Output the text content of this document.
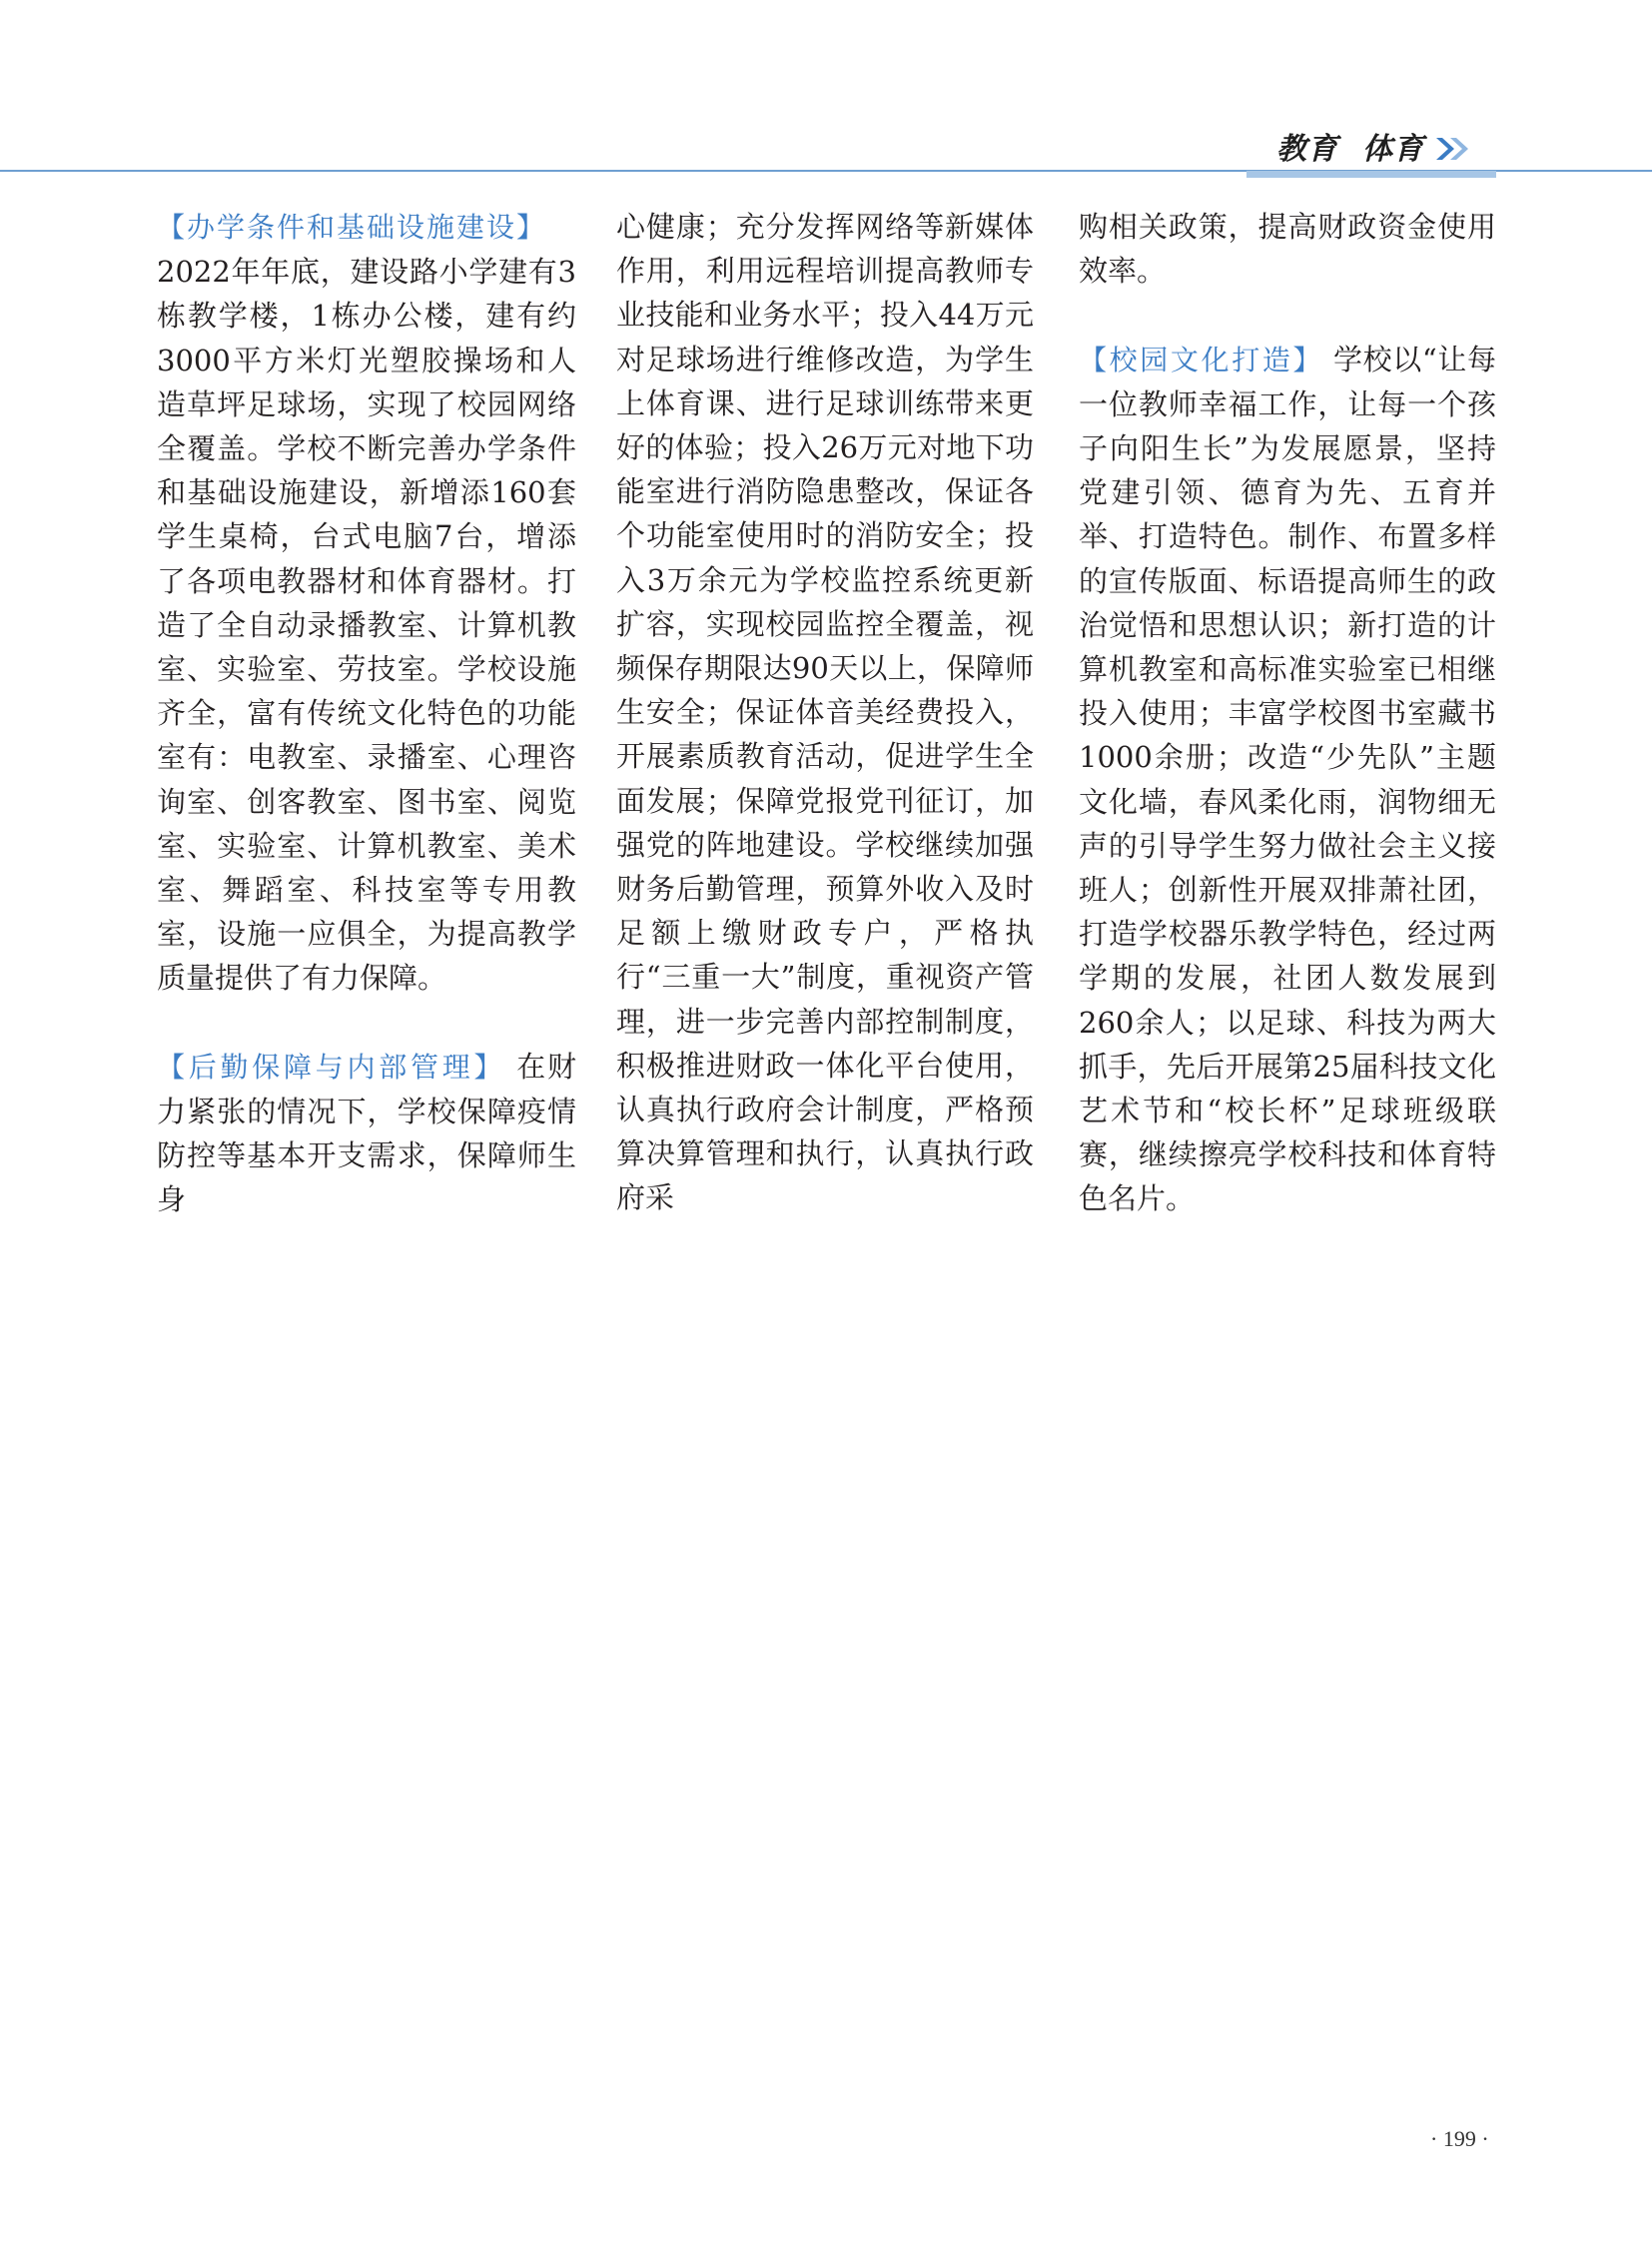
教育 体育

【办学条件和基础设施建设】
2022年年底，建设路小学建有3栋教学楼，1栋办公楼，建有约3000平方米灯光塑胶操场和人造草坪足球场，实现了校园网络全覆盖。学校不断完善办学条件和基础设施建设，新增添160套学生桌椅，台式电脑7台，增添了各项电教器材和体育器材。打造了全自动录播教室、计算机教室、实验室、劳技室。学校设施齐全，富有传统文化特色的功能室有：电教室、录播室、心理咨询室、创客教室、图书室、阅览室、实验室、计算机教室、美术室、舞蹈室、科技室等专用教室，设施一应俱全，为提高教学质量提供了有力保障。

【后勤保障与内部管理】 在财力紧张的情况下，学校保障疫情防控等基本开支需求，保障师生身

心健康；充分发挥网络等新媒体作用，利用远程培训提高教师专业技能和业务水平；投入44万元对足球场进行维修改造，为学生上体育课、进行足球训练带来更好的体验；投入26万元对地下功能室进行消防隐患整改，保证各个功能室使用时的消防安全；投入3万余元为学校监控系统更新扩容，实现校园监控全覆盖，视频保存期限达90天以上，保障师生安全；保证体音美经费投入，开展素质教育活动，促进学生全面发展；保障党报党刊征订，加强党的阵地建设。学校继续加强财务后勤管理，预算外收入及时足额上缴财政专户，严格执行“三重一大”制度，重视资产管理，进一步完善内部控制制度，积极推进财政一体化平台使用，认真执行政府会计制度，严格预算决算管理和执行，认真执行政府采

购相关政策，提高财政资金使用效率。

【校园文化打造】 学校以“让每一位教师幸福工作，让每一个孩子向阳生长”为发展愿景，坚持党建引领、德育为先、五育并举、打造特色。制作、布置多样的宣传版面、标语提高师生的政治觉悟和思想认识；新打造的计算机教室和高标准实验室已相继投入使用；丰富学校图书室藏书1000余册；改造“少先队”主题文化墙，春风柔化雨，润物细无声的引导学生努力做社会主义接班人；创新性开展双排萧社团，打造学校器乐教学特色，经过两学期的发展，社团人数发展到260余人；以足球、科技为两大抓手，先后开展第25届科技文化艺术节和“校长杯”足球班级联赛，继续擦亮学校科技和体育特色名片。

· 199 ·
